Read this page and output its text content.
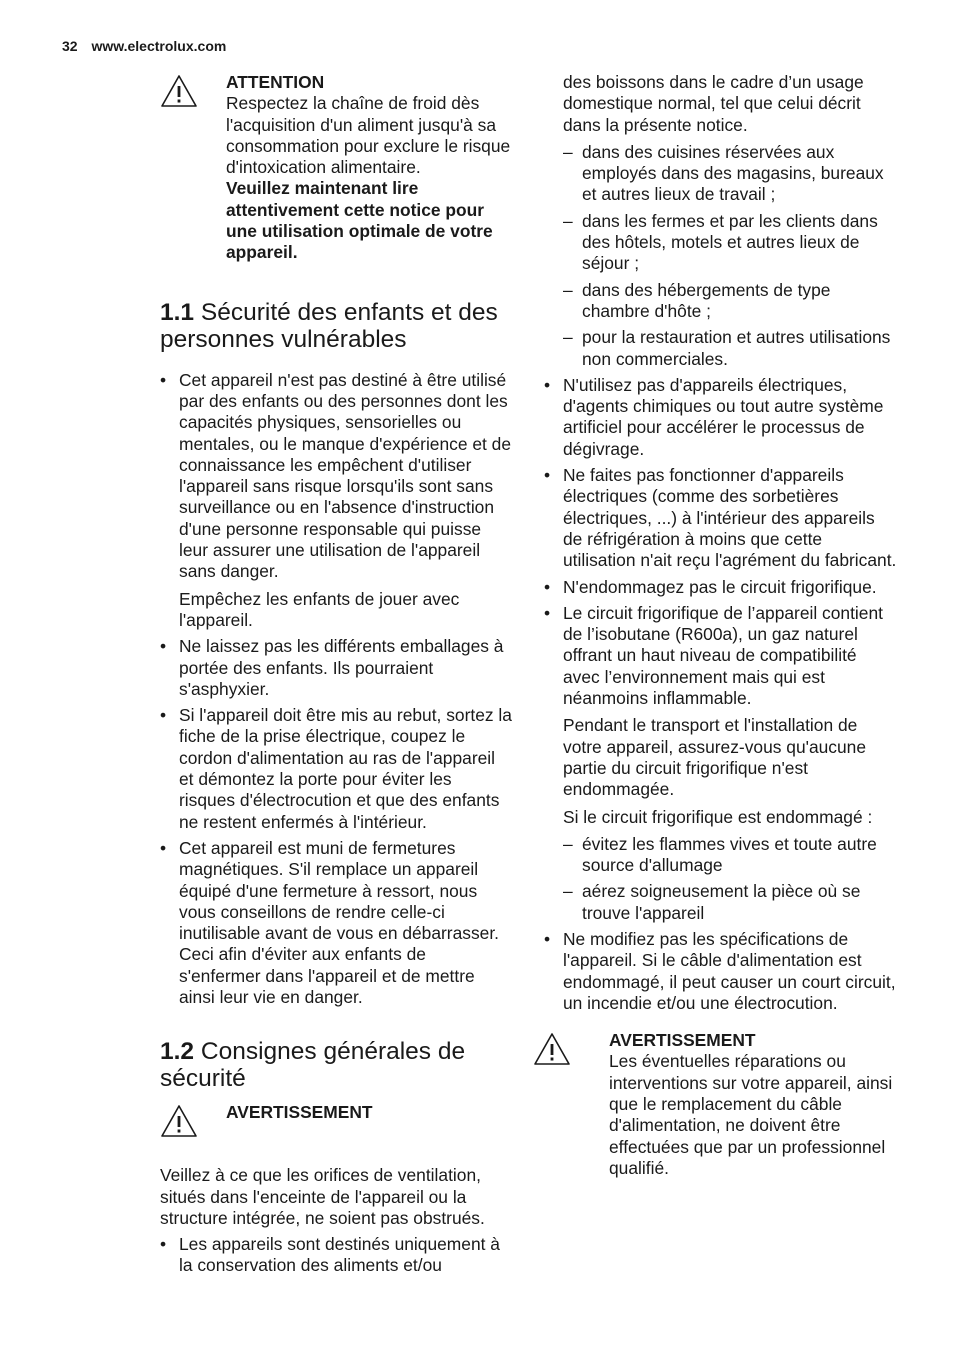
32 www.electrolux.com
ATTENTION

Respectez la chaîne de froid dès l'acquisition d'un aliment jusqu'à sa consommation pour exclure le risque d'intoxication alimentaire.

Veuillez maintenant lire attentivement cette notice pour une utilisation optimale de votre appareil.

1.1 Sécurité des enfants et des personnes vulnérables
• Cet appareil n'est pas destiné à être utilisé par des enfants ou des personnes dont les capacités physiques, sensorielles ou mentales, ou le manque d'expérience et de connaissance les empêchent d'utiliser l'appareil sans risque lorsqu'ils sont sans surveillance ou en l'absence d'instruction d'une personne responsable qui puisse leur assurer une utilisation de l'appareil sans danger.

Empêchez les enfants de jouer avec l'appareil.

• Ne laissez pas les différents emballages à portée des enfants. Ils pourraient s'asphyxier.
• Si l'appareil doit être mis au rebut, sortez la fiche de la prise électrique, coupez le cordon d'alimentation au ras de l'appareil et démontez la porte pour éviter les risques d'électrocution et que des enfants ne restent enfermés à l'intérieur.
• Cet appareil est muni de fermetures magnétiques. S'il remplace un appareil équipé d'une fermeture à ressort, nous vous conseillons de rendre celle-ci inutilisable avant de vous en débarrasser. Ceci afin d'éviter aux enfants de s'enfermer dans l'appareil et de mettre ainsi leur vie en danger.
1.2 Consignes générales de sécurité
AVERTISSEMENT

Veillez à ce que les orifices de ventilation, situés dans l'enceinte de l'appareil ou la structure intégrée, ne soient pas obstrués.

• Les appareils sont destinés uniquement à la conservation des aliments et/ou

des boissons dans le cadre d’un usage domestique normal, tel que celui décrit dans la présente notice.

– dans des cuisines réservées aux employés dans des magasins, bureaux et autres lieux de travail ;
– dans les fermes et par les clients dans des hôtels, motels et autres lieux de séjour ;
– dans des hébergements de type chambre d'hôte ;
– pour la restauration et autres utilisations non commerciales.
• N'utilisez pas d'appareils électriques, d'agents chimiques ou tout autre système artificiel pour accélérer le processus de dégivrage.
• Ne faites pas fonctionner d'appareils électriques (comme des sorbetières électriques, ...) à l'intérieur des appareils de réfrigération à moins que cette utilisation n'ait reçu l'agrément du fabricant.
• N'endommagez pas le circuit frigorifique.
• Le circuit frigorifique de l’appareil contient de l’isobutane (R600a), un gaz naturel offrant un haut niveau de compatibilité avec l’environnement mais qui est néanmoins inflammable.

Pendant le transport et l'installation de votre appareil, assurez-vous qu'aucune partie du circuit frigorifique n'est endommagée.

Si le circuit frigorifique est endommagé :

– évitez les flammes vives et toute autre source d'allumage
– aérez soigneusement la pièce où se trouve l'appareil
• Ne modifiez pas les spécifications de l'appareil. Si le câble d'alimentation est endommagé, il peut causer un court circuit, un incendie et/ou une électrocution.
AVERTISSEMENT

Les éventuelles réparations ou interventions sur votre appareil, ainsi que le remplacement du câble d'alimentation, ne doivent être effectuées que par un professionnel qualifié.
